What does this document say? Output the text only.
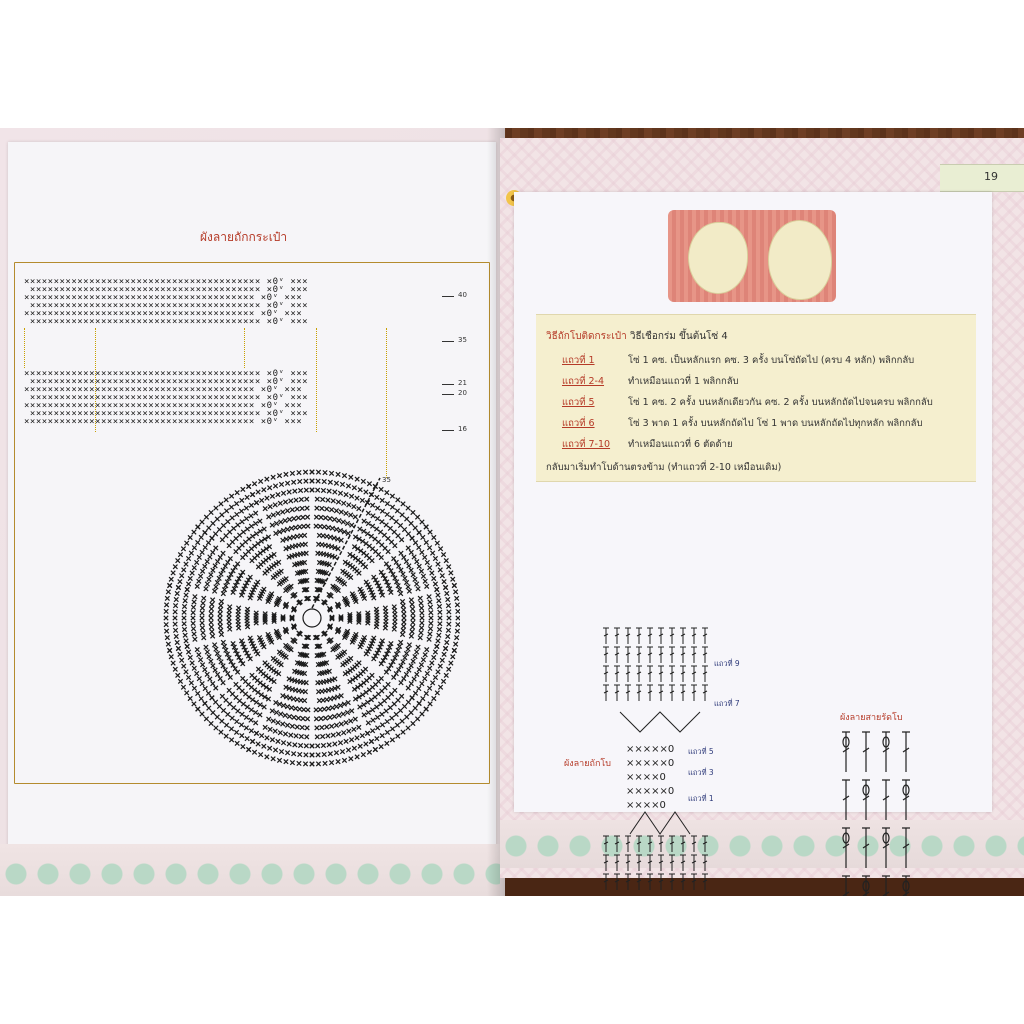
ผังลายถักกระเป๋า
×××××××××××××××××××××××××××××××××××××××× ×0ᵛ ×××
××××××××××××××××××××××××××××××××××××××× ×0ᵛ ×××
××××××××××××××××××××××××××××××××××××××× ×0ᵛ ×××
××××××××××××××××××××××××××××××××××××××× ×0ᵛ ×××
××××××××××××××××××××××××××××××××××××××× ×0ᵛ ×××
××××××××××××××××××××××××××××××××××××××× ×0ᵛ ×××
×××××××××××××××××××××××××××××××××××××××× ×0ᵛ ×××
××××××××××××××××××××××××××××××××××××××× ×0ᵛ ×××
××××××××××××××××××××××××××××××××××××××× ×0ᵛ ×××
××××××××××××××××××××××××××××××××××××××× ×0ᵛ ×××
××××××××××××××××××××××××××××××××××××××× ×0ᵛ ×××
××××××××××××××××××××××××××××××××××××××× ×0ᵛ ×××
××××××××××××××××××××××××××××××××××××××× ×0ᵛ ×××
40
35
21
20
16
35
19
วิธีถักโบติดกระเป๋า วิธีเชือกร่ม ขึ้นต้นโซ่ 4
แถวที่ 1	โซ่ 1 คซ. เป็นหลักแรก คซ. 3 ครั้ง บนโซ่ถัดไป (ครบ 4 หลัก) พลิกกลับ
แถวที่ 2-4	ทำเหมือนแถวที่ 1 พลิกกลับ
แถวที่ 5	โซ่ 1 คซ. 2 ครั้ง บนหลักเดียวกัน คซ. 2 ครั้ง บนหลักถัดไปจนครบ พลิกกลับ
แถวที่ 6	โซ่ 3 พาด 1 ครั้ง บนหลักถัดไป โซ่ 1 พาด บนหลักถัดไปทุกหลัก พลิกกลับ
แถวที่ 7-10 ทำเหมือนแถวที่ 6 ตัดด้าย
กลับมาเริ่มทำโบด้านตรงข้าม (ทำแถวที่ 2-10 เหมือนเดิม)
ผังลายถักโบ
×××××0
×××××0
××××0
×××××0
××××0
แถวที่ 9
แถวที่ 7
แถวที่ 5
แถวที่ 3
แถวที่ 1
ผังลายสายรัดโบ
